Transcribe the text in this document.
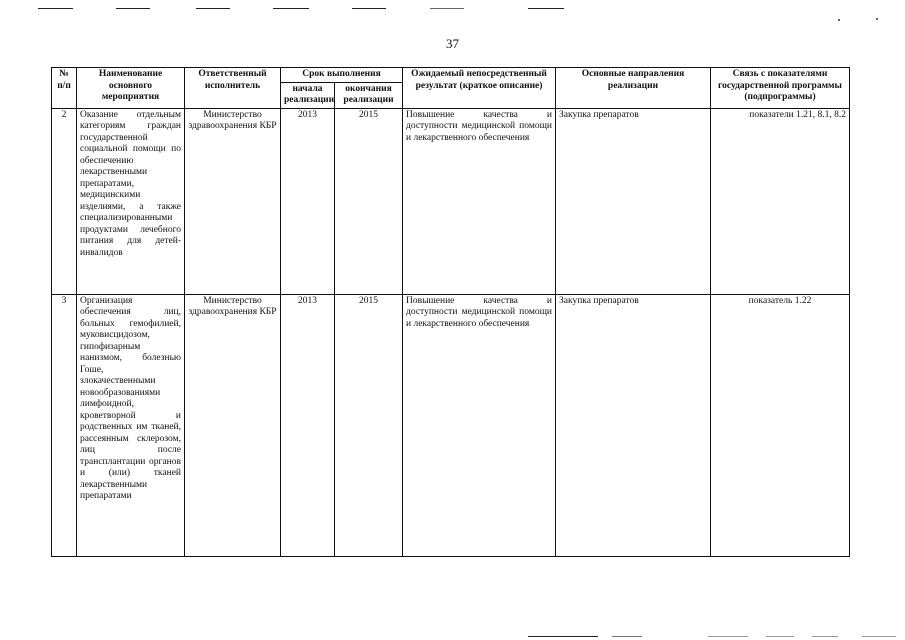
37
№ п/п	Наименование основного мероприятия	Ответственный исполнитель	Срок выполнения		Ожидаемый непосредственный результат (краткое описание)	Основные направления реализации	Связь с показателями государственной программы (подпрограммы)
			начала реализации	окончания реализации			
2	Оказание отдельным категориям граждан государственной социальной помощи по обеспечению лекарственными препаратами, медицинскими изделиями, а также специализированными продуктами лечебного питания для детей-инвалидов	Министерство здравоохранения КБР	2013	2015	Повышение качества и доступности медицинской помощи и лекарственного обеспечения	Закупка препаратов	показатели 1.21, 8.1, 8.2
3	Организация обеспечения лиц, больных гемофилией, муковисцидозом, гипофизарным нанизмом, болезнью Гоше, злокачественными новообразованиями лимфоидной, кроветворной и родственных им тканей, рассеянным склерозом, лиц после трансплантации органов и (или) тканей лекарственными препаратами	Министерство здравоохранения КБР	2013	2015	Повышение качества и доступности медицинской помощи и лекарственного обеспечения	Закупка препаратов	показатель 1.22
